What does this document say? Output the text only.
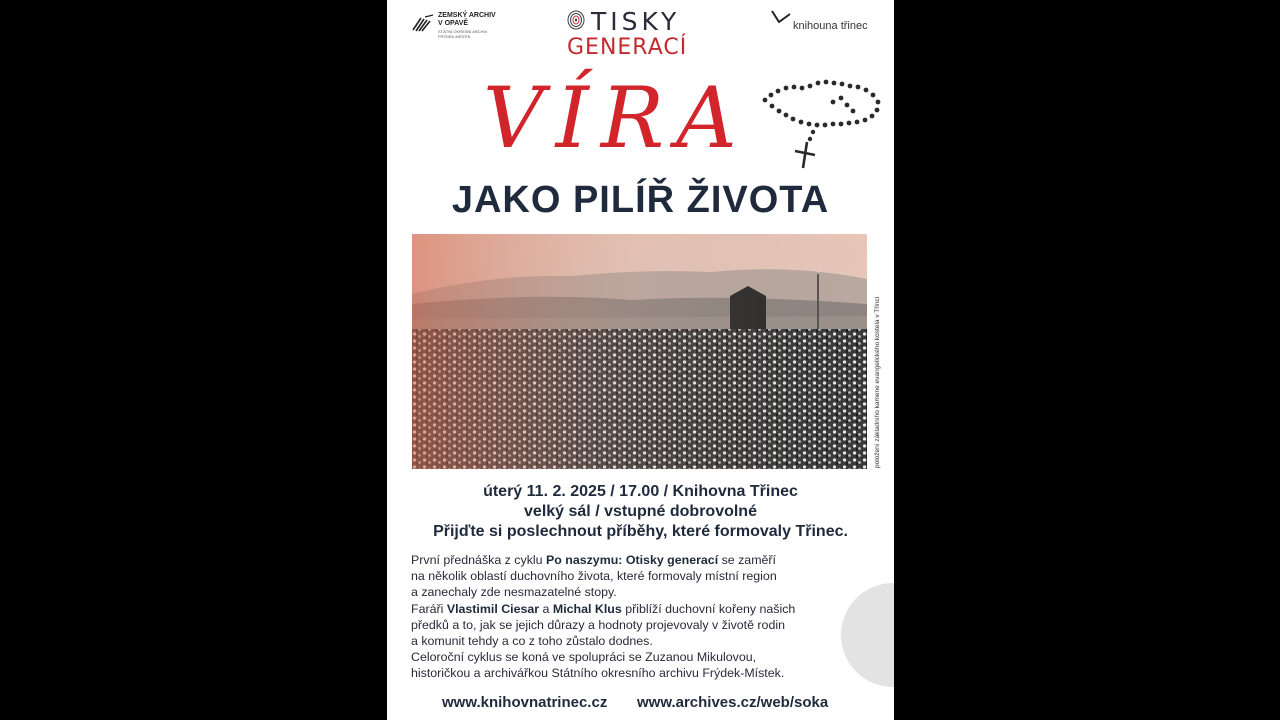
ZEMSKÝ ARCHIV
V OPAVĚ
STÁTNÍ OKRESNÍ ARCHIV
FRÝDEK-MÍSTEK
TISKY
GENERACÍ
knihouna třinec
VÍRA
JAKO PILÍŘ ŽIVOTA
položení základního kamene evangelického kostela v Třinci
úterý 11. 2. 2025 / 17.00 / Knihovna Třinec
velký sál / vstupné dobrovolné
Přijďte si poslechnout příběhy, které formovaly Třinec.

První přednáška z cyklu Po naszymu: Otisky generací se zaměří

na několik oblastí duchovního života, které formovaly místní region

a zanechaly zde nesmazatelné stopy.

Faráři Vlastimil Ciesar a Michal Klus přiblíží duchovní kořeny našich

předků a to, jak se jejich důrazy a hodnoty projevovaly v životě rodin

a komunit tehdy a co z toho zůstalo dodnes.

Celoroční cyklus se koná ve spolupráci se Zuzanou Mikulovou,

historičkou a archivářkou Státního okresního archivu Frýdek-Místek.

www.knihovnatrinec.cz www.archives.cz/web/soka
